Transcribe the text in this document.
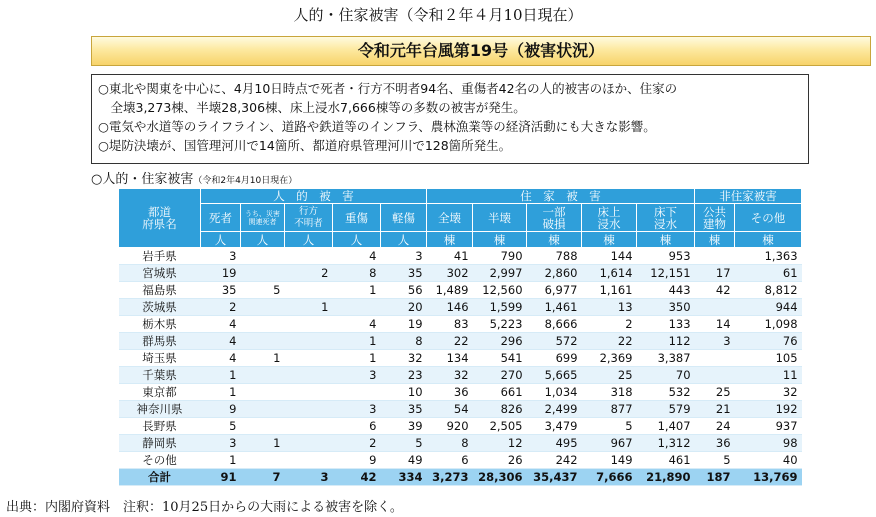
人的・住家被害（令和２年４月10日現在）
令和元年台風第19号（被害状況）
○東北や関東を中心に、4月10日時点で死者・行方不明者94名、重傷者42名の人的被害のほか、住家の
　全壊3,273棟、半壊28,306棟、床上浸水7,666棟等の多数の被害が発生。
○電気や水道等のライフライン、道路や鉄道等のインフラ、農林漁業等の経済活動にも大きな影響。
○堤防決壊が、国管理河川で14箇所、都道府県管理河川で128箇所発生。
○人的・住家被害（令和2年4月10日現在）
都道
府県名	人　的　被　害					住　家　被　害					非住家被害	
	死者	うち、災害
関連死者	行方
不明者	重傷	軽傷	全壊	半壊	一部
破損	床上
浸水	床下
浸水	公共
建物	その他
	人	人	人	人	人	棟	棟	棟	棟	棟	棟	棟
岩手県	3			4	3	41	790	788	144	953		1,363
宮城県	19		2	8	35	302	2,997	2,860	1,614	12,151	17	61
福島県	35	5		1	56	1,489	12,560	6,977	1,161	443	42	8,812
茨城県	2		1		20	146	1,599	1,461	13	350		944
栃木県	4			4	19	83	5,223	8,666	2	133	14	1,098
群馬県	4			1	8	22	296	572	22	112	3	76
埼玉県	4	1		1	32	134	541	699	2,369	3,387		105
千葉県	1			3	23	32	270	5,665	25	70		11
東京都	1				10	36	661	1,034	318	532	25	32
神奈川県	9			3	35	54	826	2,499	877	579	21	192
長野県	5			6	39	920	2,505	3,479	5	1,407	24	937
静岡県	3	1		2	5	8	12	495	967	1,312	36	98
その他	1			9	49	6	26	242	149	461	5	40
合計	91	7	3	42	334	3,273	28,306	35,437	7,666	21,890	187	13,769
出典：内閣府資料　注釈：10月25日からの大雨による被害を除く。
